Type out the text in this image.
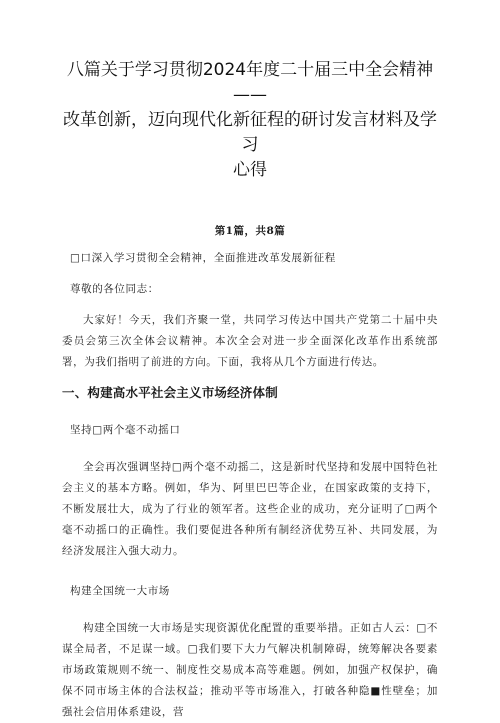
八篇关于学习贯彻2024年度二十届三中全会精神——
改革创新，迈向现代化新征程的研讨发言材料及学习
心得
第1篇，共8篇

□口深入学习贯彻全会精神，全面推进改革发展新征程

尊敬的各位同志：

大家好！今天，我们齐聚一堂，共同学习传达中国共产党第二十届中央委员会第三次全体会议精神。本次全会对进一步全面深化改革作出系统部署，为我们指明了前进的方向。下面，我将从几个方面进行传达。

一、构建高水平社会主义市场经济体制

坚持□两个毫不动摇口

全会再次强调坚持□两个毫不动摇二，这是新时代坚持和发展中国特色社会主义的基本方略。例如，华为、阿里巴巴等企业，在国家政策的支持下，不断发展壮大，成为了行业的领军者。这些企业的成功，充分证明了□两个毫不动摇口的正确性。我们要促进各种所有制经济优势互补、共同发展，为经济发展注入强大动力。

构建全国统一大市场

构建全国统一大市场是实现资源优化配置的重要举措。正如古人云：□不谋全局者，不足谋一域。□我们要下大力气解决机制障碍，统筹解决各要素市场政策规则不统一、制度性交易成本高等难题。例如，加强产权保护，确保不同市场主体的合法权益；推动平等市场准入，打破各种隐■性壁垒；加强社会信用体系建设，营
